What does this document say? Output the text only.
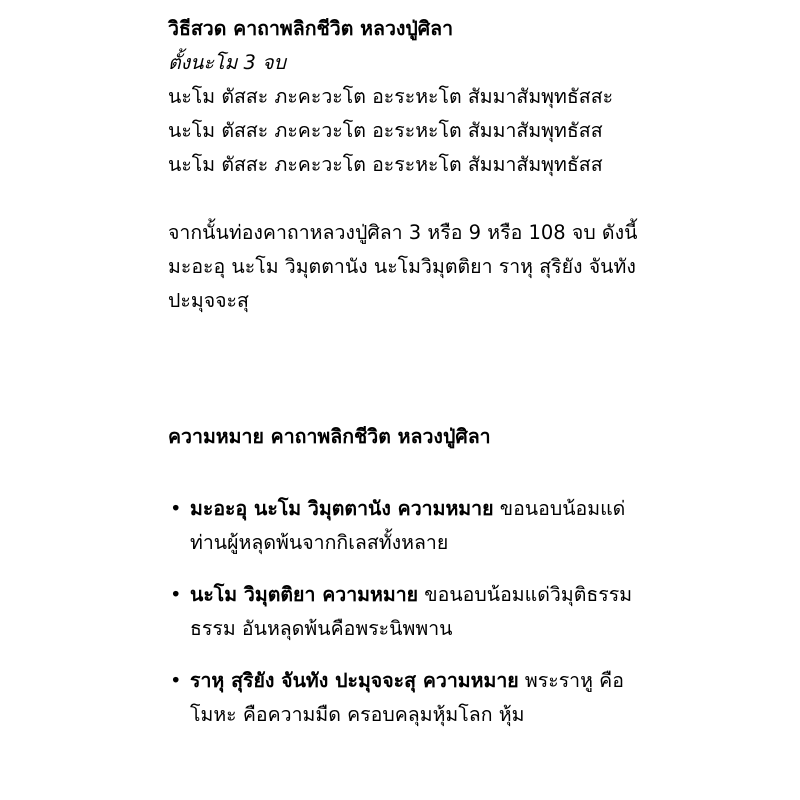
วิธีสวด คาถาพลิกชีวิต หลวงปู่ศิลา
ตั้งนะโม 3 จบ
นะโม ตัสสะ ภะคะวะโต อะระหะโต สัมมาสัมพุทธัสสะ
นะโม ตัสสะ ภะคะวะโต อะระหะโต สัมมาสัมพุทธัสส
นะโม ตัสสะ ภะคะวะโต อะระหะโต สัมมาสัมพุทธัสส
จากนั้นท่องคาถาหลวงปู่ศิลา 3 หรือ 9 หรือ 108 จบ ดังนี้
มะอะอุ นะโม วิมุตตานัง นะโมวิมุตติยา ราหุ สุริยัง จันทัง
ปะมุจจะสุ
ความหมาย คาถาพลิกชีวิต หลวงปู่ศิลา
• มะอะอุ นะโม วิมุตตานัง ความหมาย ขอนอบน้อมแด่ท่านผู้หลุดพ้นจากกิเลสทั้งหลาย
• นะโม วิมุตติยา ความหมาย ขอนอบน้อมแด่วิมุติธรรม ธรรม อันหลุดพ้นคือพระนิพพาน
• ราหุ สุริยัง จันทัง ปะมุจจะสุ ความหมาย พระราหู คือโมหะ คือความมืด ครอบคลุมหุ้มโลก หุ้ม
